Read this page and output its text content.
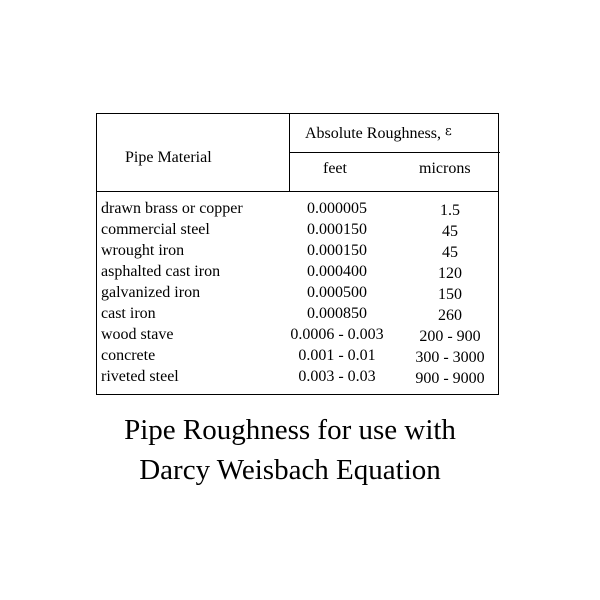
Pipe Material
Absolute Roughness, ε
feet	microns
drawn brass or copper	0.000005	1.5
commercial steel	0.000150	45
wrought iron	0.000150	45
asphalted cast iron	0.000400	120
galvanized iron	0.000500	150
cast iron	0.000850	260
wood stave	0.0006 - 0.003	200 - 900
concrete	0.001 - 0.01	300 - 3000
riveted steel	0.003 - 0.03	900 - 9000
Pipe Roughness for use with
Darcy Weisbach Equation
